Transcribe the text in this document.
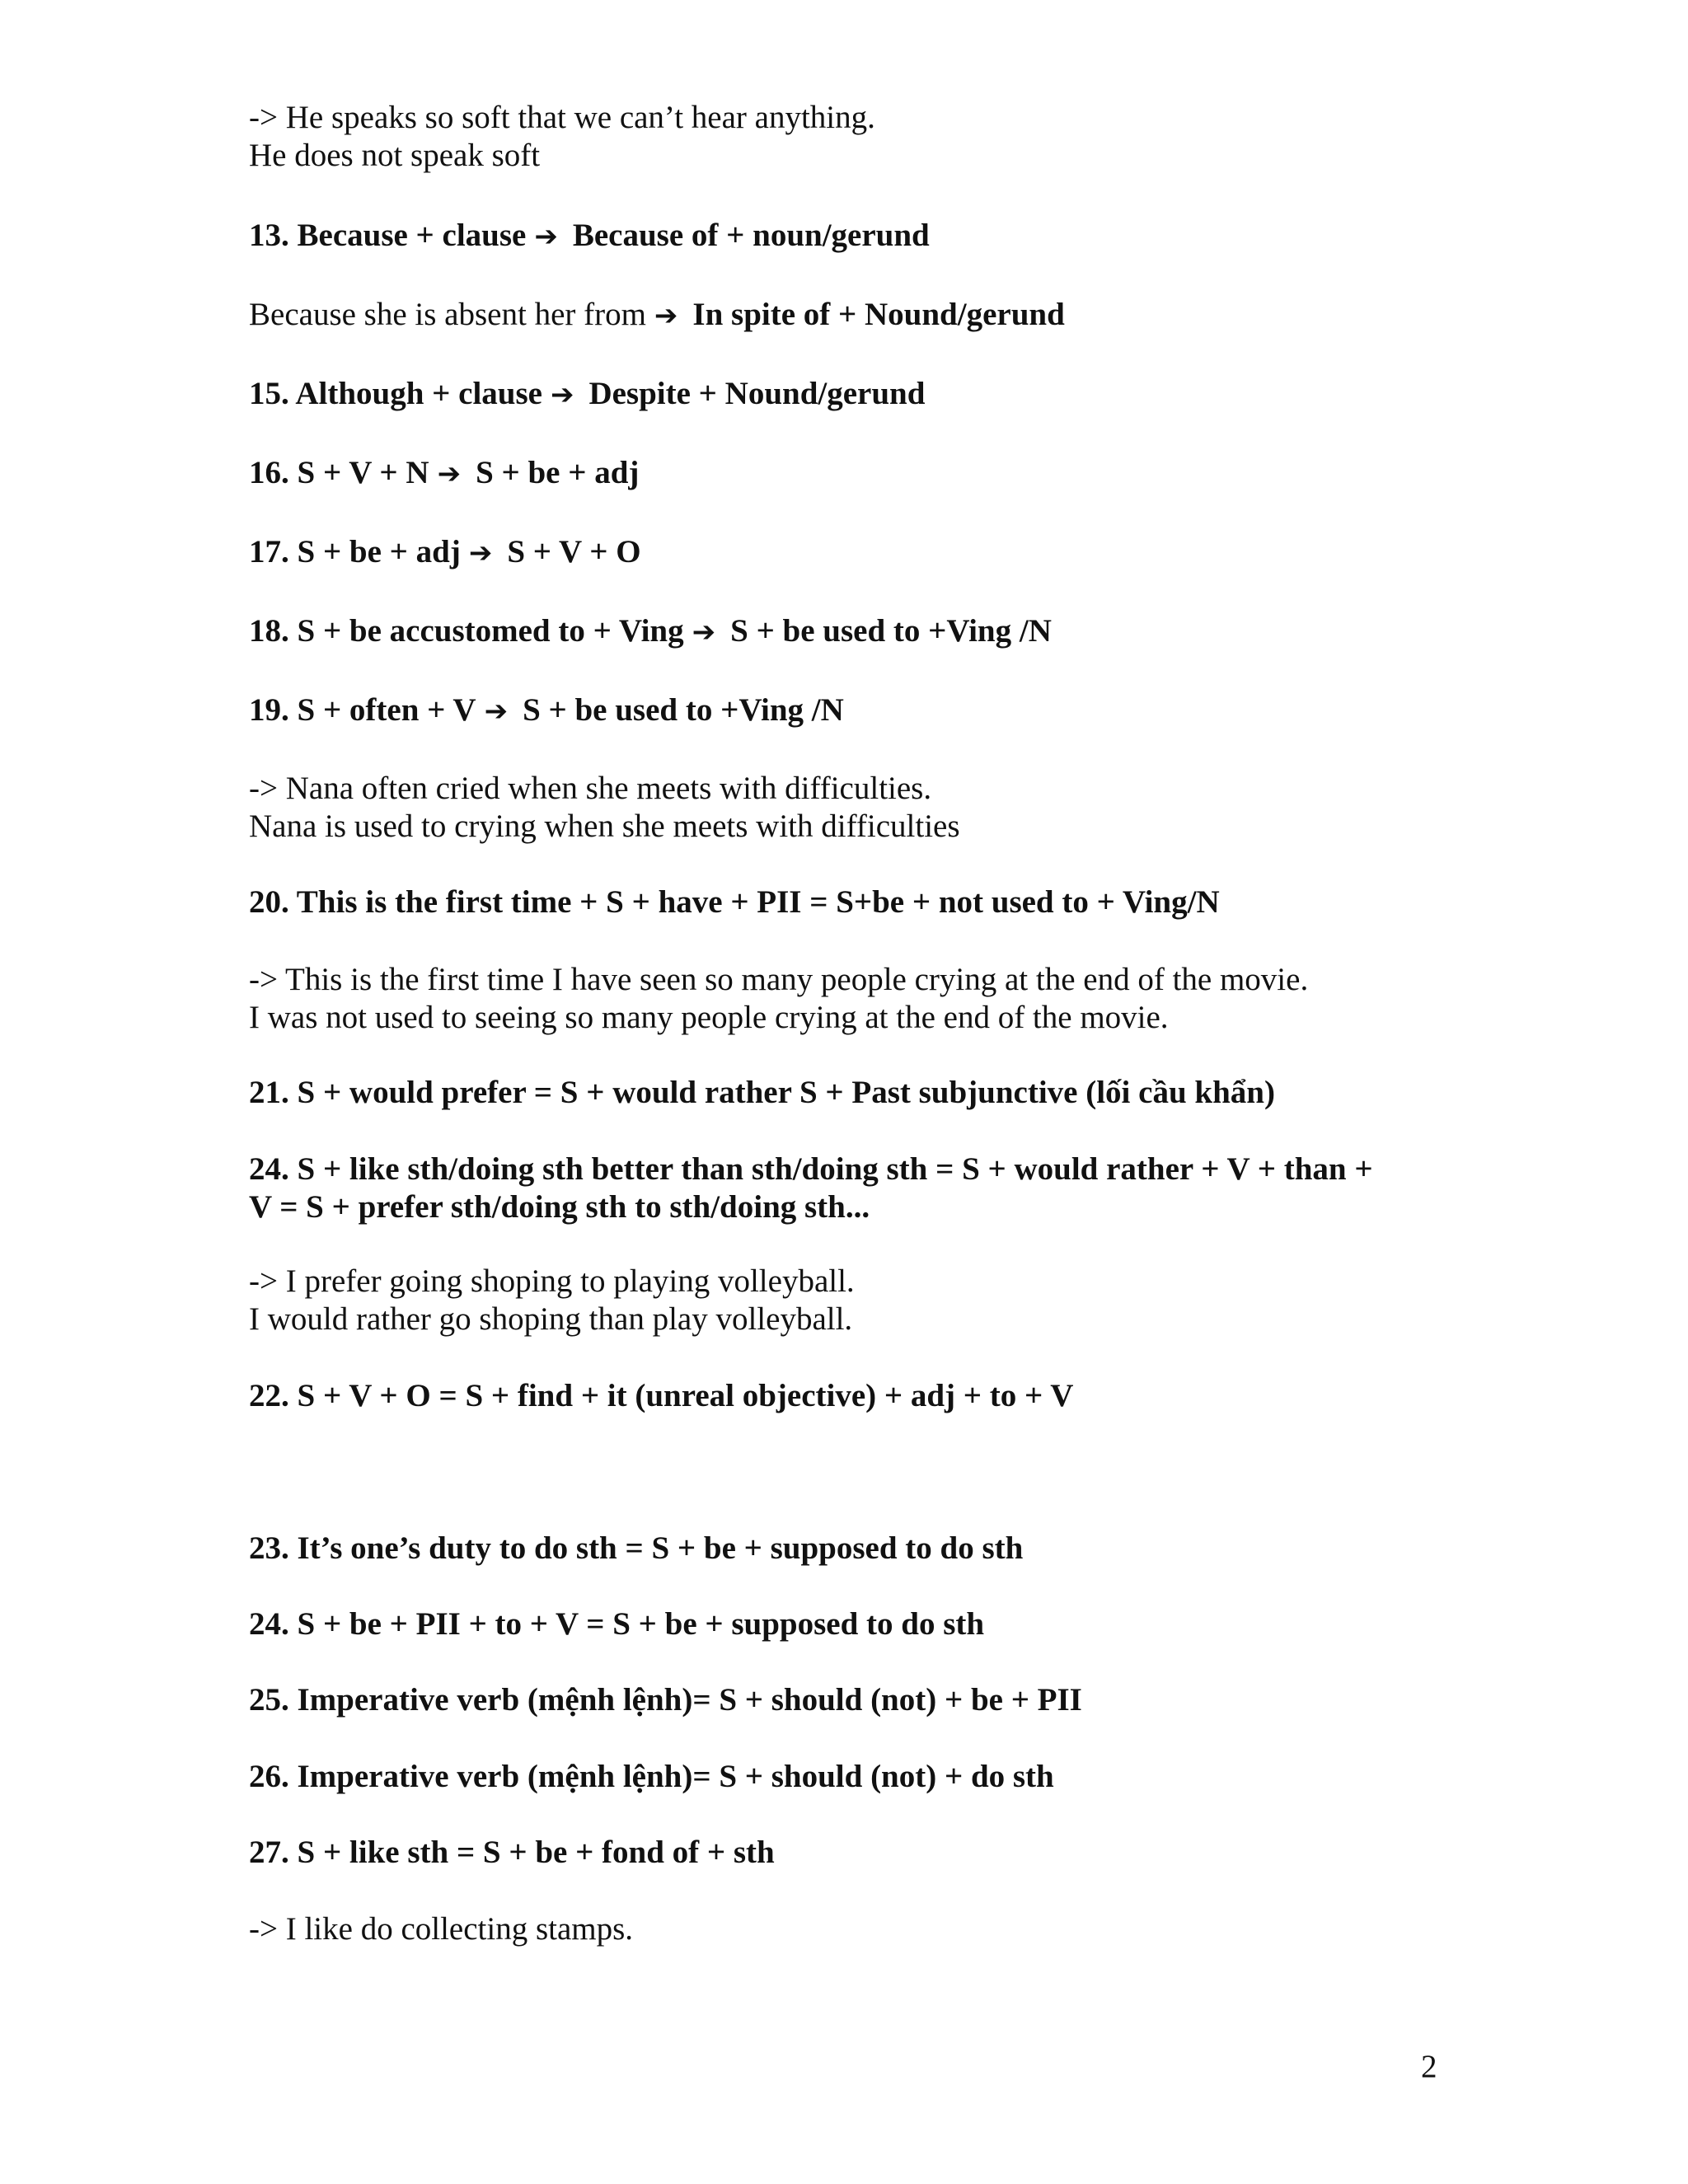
-> He speaks so soft that we can’t hear anything.
He does not speak soft
13. Because + clause ➔ Because of + noun/gerund
Because she is absent her from ➔ In spite of + Nound/gerund
15. Although + clause ➔ Despite + Nound/gerund
16. S + V + N ➔ S + be + adj
17. S + be + adj ➔ S + V + O
18. S + be accustomed to + Ving ➔ S + be used to +Ving /N
19. S + often + V ➔ S + be used to +Ving /N
-> Nana often cried when she meets with difficulties.
Nana is used to crying when she meets with difficulties
20. This is the first time + S + have + PII = S+be + not used to + Ving/N
-> This is the first time I have seen so many people crying at the end of the movie.
I was not used to seeing so many people crying at the end of the movie.
21. S + would prefer = S + would rather S + Past subjunctive (lối cầu khẩn)
24. S + like sth/doing sth better than sth/doing sth = S + would rather + V + than +
V = S + prefer sth/doing sth to sth/doing sth...
-> I prefer going shoping to playing volleyball.
I would rather go shoping than play volleyball.
22. S + V + O = S + find + it (unreal objective) + adj + to + V
23. It’s one’s duty to do sth = S + be + supposed to do sth
24. S + be + PII + to + V = S + be + supposed to do sth
25. Imperative verb (mệnh lệnh)= S + should (not) + be + PII
26. Imperative verb (mệnh lệnh)= S + should (not) + do sth
27. S + like sth = S + be + fond of + sth
-> I like do collecting stamps.
2
